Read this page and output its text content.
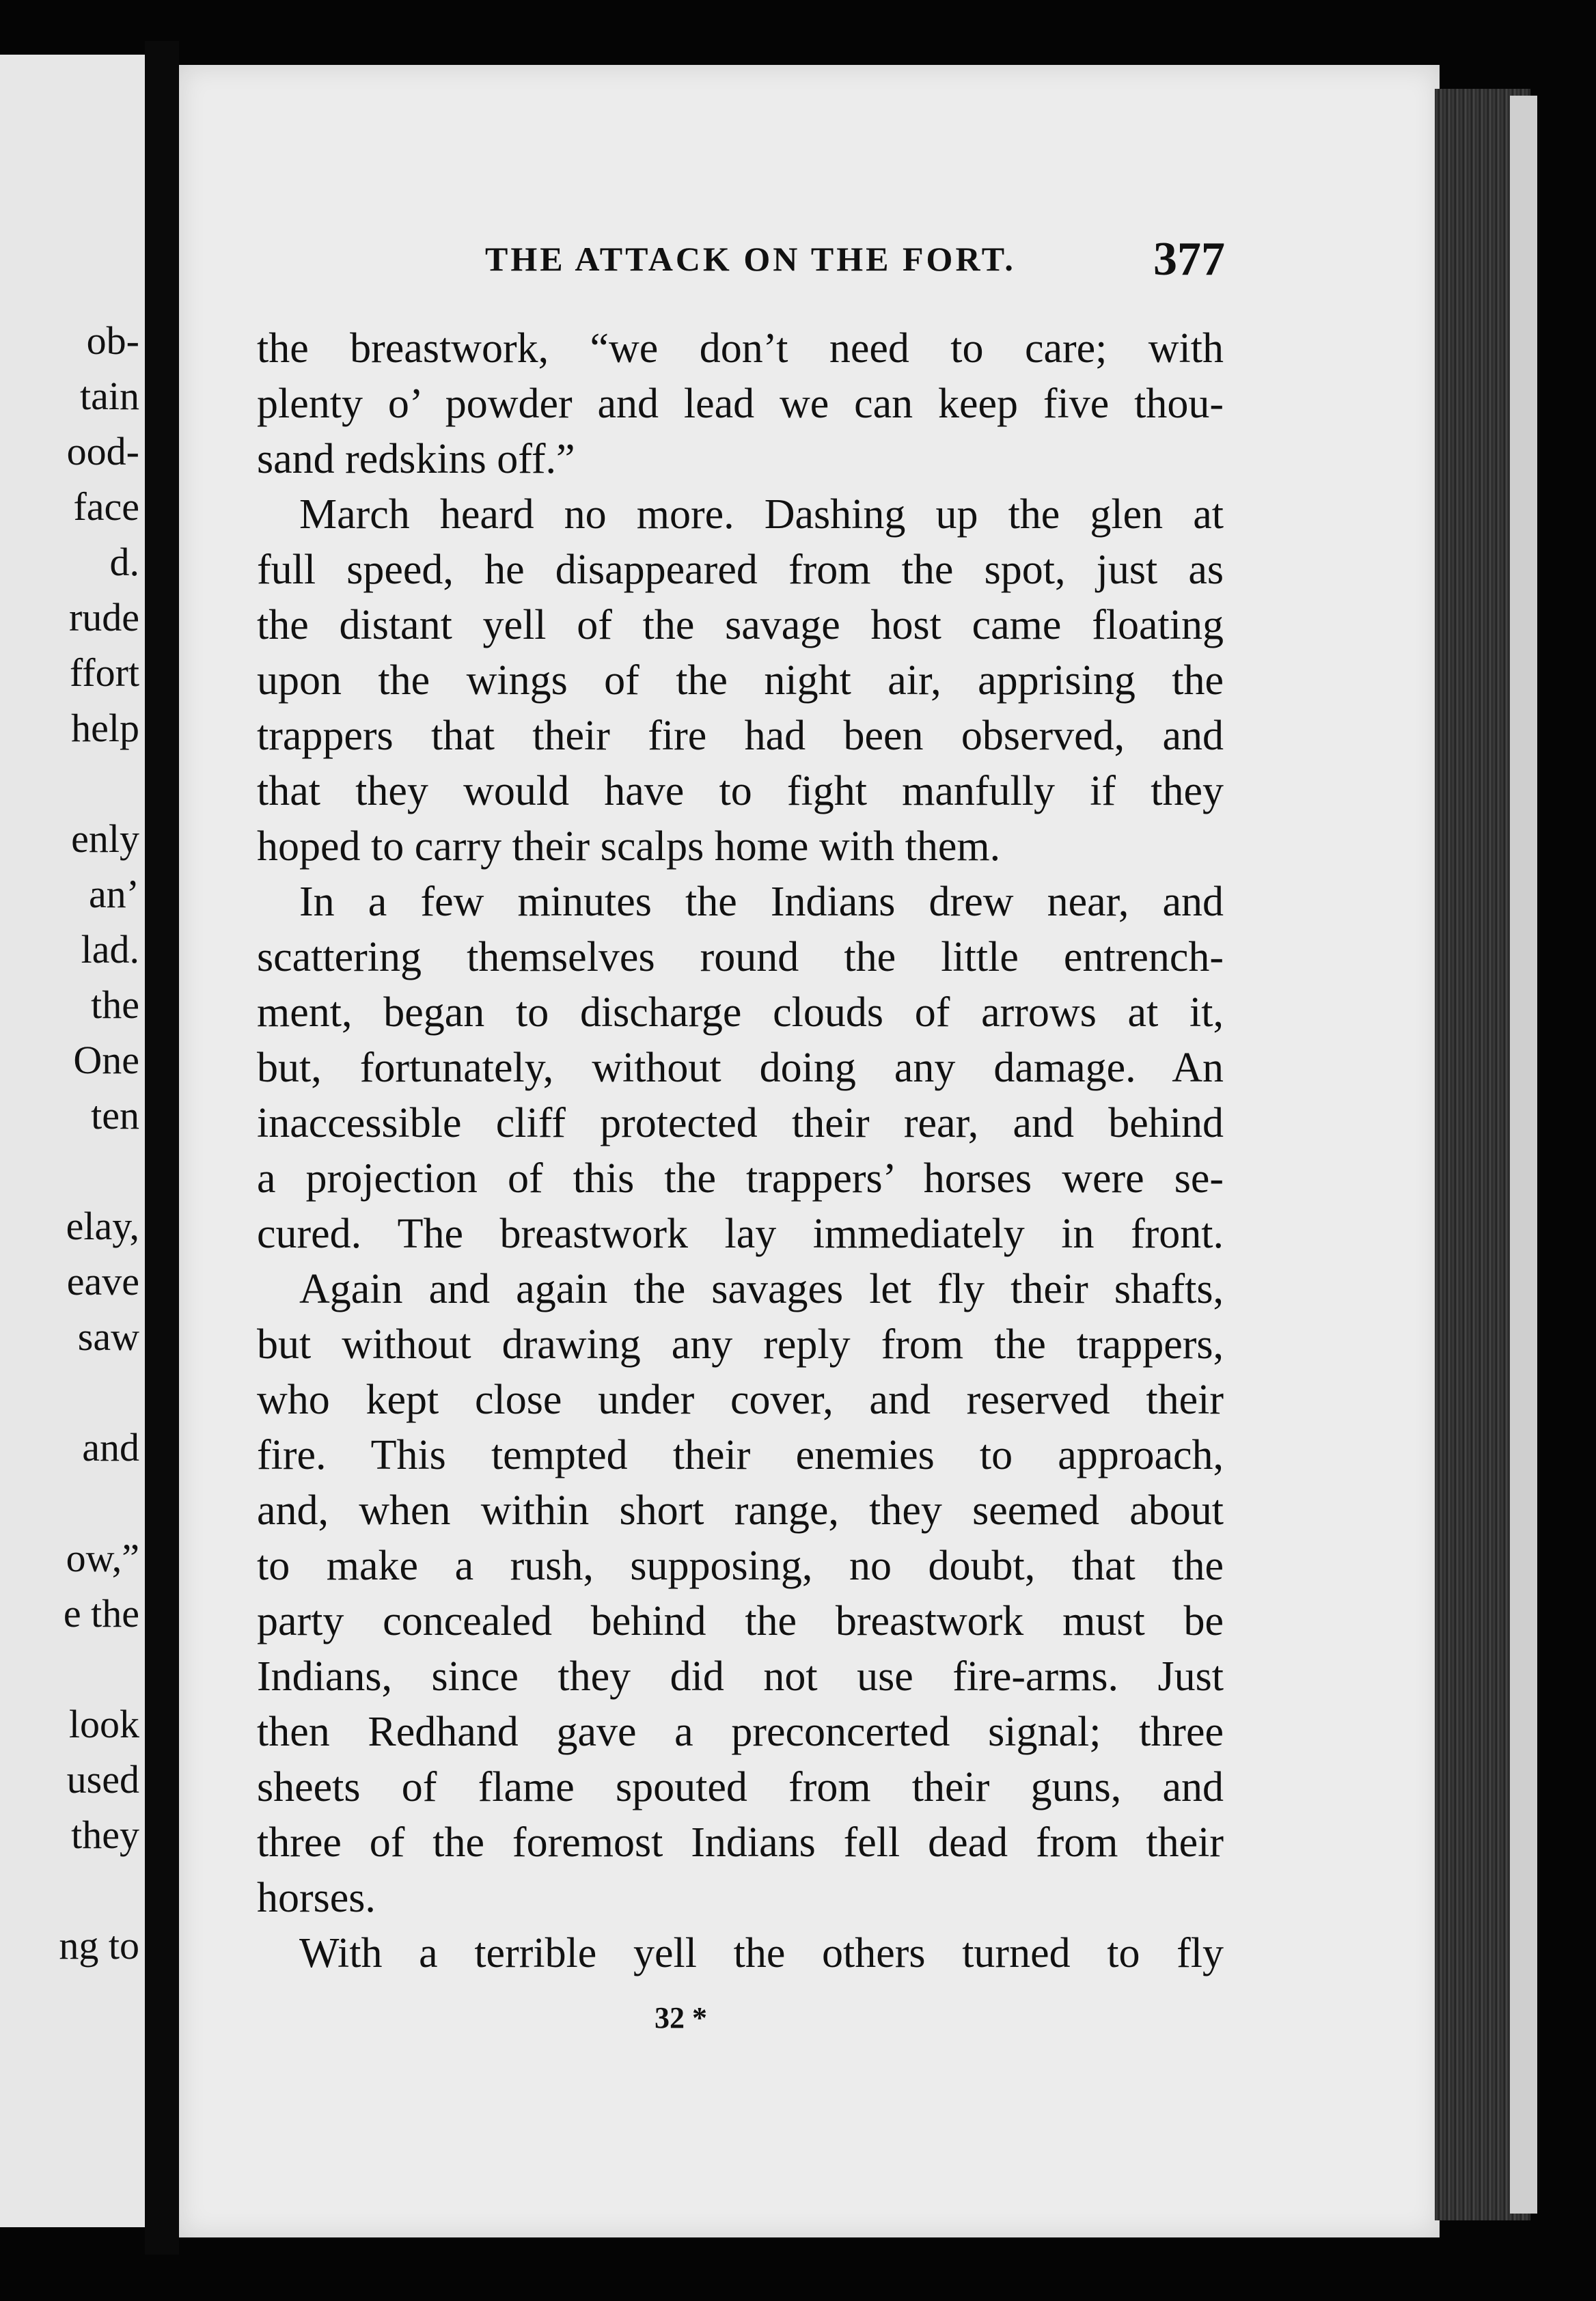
ob-
tain
ood-
face
d.
rude
ffort
help
enly
an’
lad.
the
One
ten
elay,
eave
saw
and
ow,”
e the
look
used
they
ng to
THE ATTACK ON THE FORT.	377
the breastwork, “we don’t need to care; with
plenty o’ powder and lead we can keep five thou-
sand redskins off.”
March heard no more. Dashing up the glen at
full speed, he disappeared from the spot, just as
the distant yell of the savage host came floating
upon the wings of the night air, apprising the
trappers that their fire had been observed, and
that they would have to fight manfully if they
hoped to carry their scalps home with them.
In a few minutes the Indians drew near, and
scattering themselves round the little entrench-
ment, began to discharge clouds of arrows at it,
but, fortunately, without doing any damage. An
inaccessible cliff protected their rear, and behind
a projection of this the trappers’ horses were se-
cured. The breastwork lay immediately in front.
Again and again the savages let fly their shafts,
but without drawing any reply from the trappers,
who kept close under cover, and reserved their
fire. This tempted their enemies to approach,
and, when within short range, they seemed about
to make a rush, supposing, no doubt, that the
party concealed behind the breastwork must be
Indians, since they did not use fire-arms. Just
then Redhand gave a preconcerted signal; three
sheets of flame spouted from their guns, and
three of the foremost Indians fell dead from their
horses.
With a terrible yell the others turned to fly
32 *
